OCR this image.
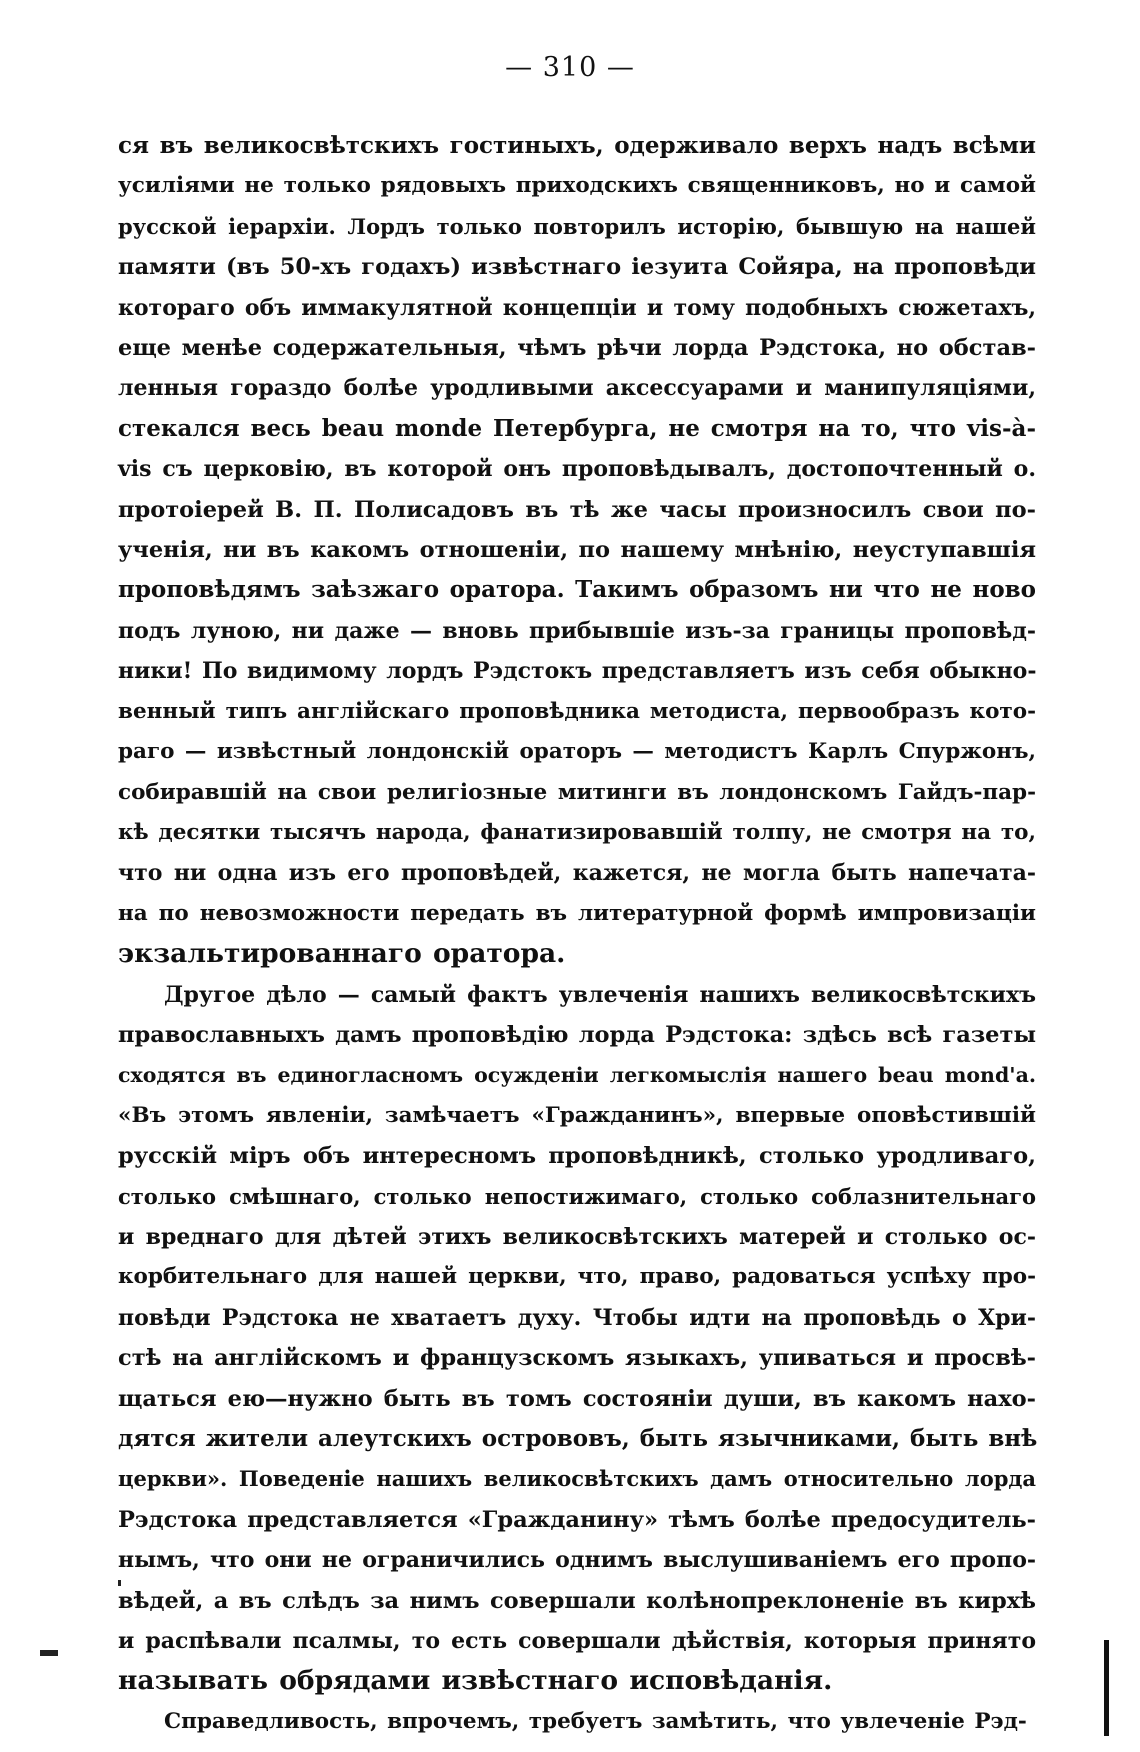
— 310 —
ся въ великосвѣтскихъ гостиныхъ, одерживало верхъ надъ всѣми
усиліями не только рядовыхъ приходскихъ священниковъ, но и самой
русской іерархіи. Лордъ только повторилъ исторію, бывшую на нашей
памяти (въ 50-хъ годахъ) извѣстнаго іезуита Сойяра, на проповѣди
котораго объ иммакулятной концепціи и тому подобныхъ сюжетахъ,
еще менѣе содержательныя, чѣмъ рѣчи лорда Рэдстока, но обстав-
ленныя гораздо болѣе уродливыми аксессуарами и манипуляціями,
стекался весь beau monde Петербурга, не смотря на то, что vis-à-
vis съ церковію, въ которой онъ проповѣдывалъ, достопочтенный о.
протоіерей В. П. Полисадовъ въ тѣ же часы произносилъ свои по-
ученія, ни въ какомъ отношеніи, по нашему мнѣнію, неуступавшія
проповѣдямъ заѣзжаго оратора. Такимъ образомъ ни что не ново
подъ луною, ни даже — вновь прибывшіе изъ-за границы проповѣд-
ники! По видимому лордъ Рэдстокъ представляетъ изъ себя обыкно-
венный типъ англійскаго проповѣдника методиста, первообразъ кото-
раго — извѣстный лондонскій ораторъ — методистъ Карлъ Спуржонъ,
собиравшій на свои религіозные митинги въ лондонскомъ Гайдъ-пар-
кѣ десятки тысячъ народа, фанатизировавшій толпу, не смотря на то,
что ни одна изъ его проповѣдей, кажется, не могла быть напечата-
на по невозможности передать въ литературной формѣ импровизаціи
экзальтированнаго оратора.
Другое дѣло — самый фактъ увлеченія нашихъ великосвѣтскихъ
православныхъ дамъ проповѣдію лорда Рэдстока: здѣсь всѣ газеты
сходятся въ единогласномъ осужденіи легкомыслія нашего beau mond'а.
«Въ этомъ явленіи, замѣчаетъ «Гражданинъ», впервые оповѣстившій
русскій міръ объ интересномъ проповѣдникѣ, столько уродливаго,
столько смѣшнаго, столько непостижимаго, столько соблазнительнаго
и вреднаго для дѣтей этихъ великосвѣтскихъ матерей и столько ос-
корбительнаго для нашей церкви, что, право, радоваться успѣху про-
повѣди Рэдстока не хватаетъ духу. Чтобы идти на проповѣдь о Хри-
стѣ на англійскомъ и французскомъ языкахъ, упиваться и просвѣ-
щаться ею—нужно быть въ томъ состояніи души, въ какомъ нахо-
дятся жители алеутскихъ острововъ, быть язычниками, быть внѣ
церкви». Поведеніе нашихъ великосвѣтскихъ дамъ относительно лорда
Рэдстока представляется «Гражданину» тѣмъ болѣе предосудитель-
нымъ, что они не ограничились однимъ выслушиваніемъ его пропо-
вѣдей, а въ слѣдъ за нимъ совершали колѣнопреклоненіе въ кирхѣ
и распѣвали псалмы, то есть совершали дѣйствія, которыя принято
называть обрядами извѣстнаго исповѣданія.
Справедливость, впрочемъ, требуетъ замѣтить, что увлеченіе Рэд-
